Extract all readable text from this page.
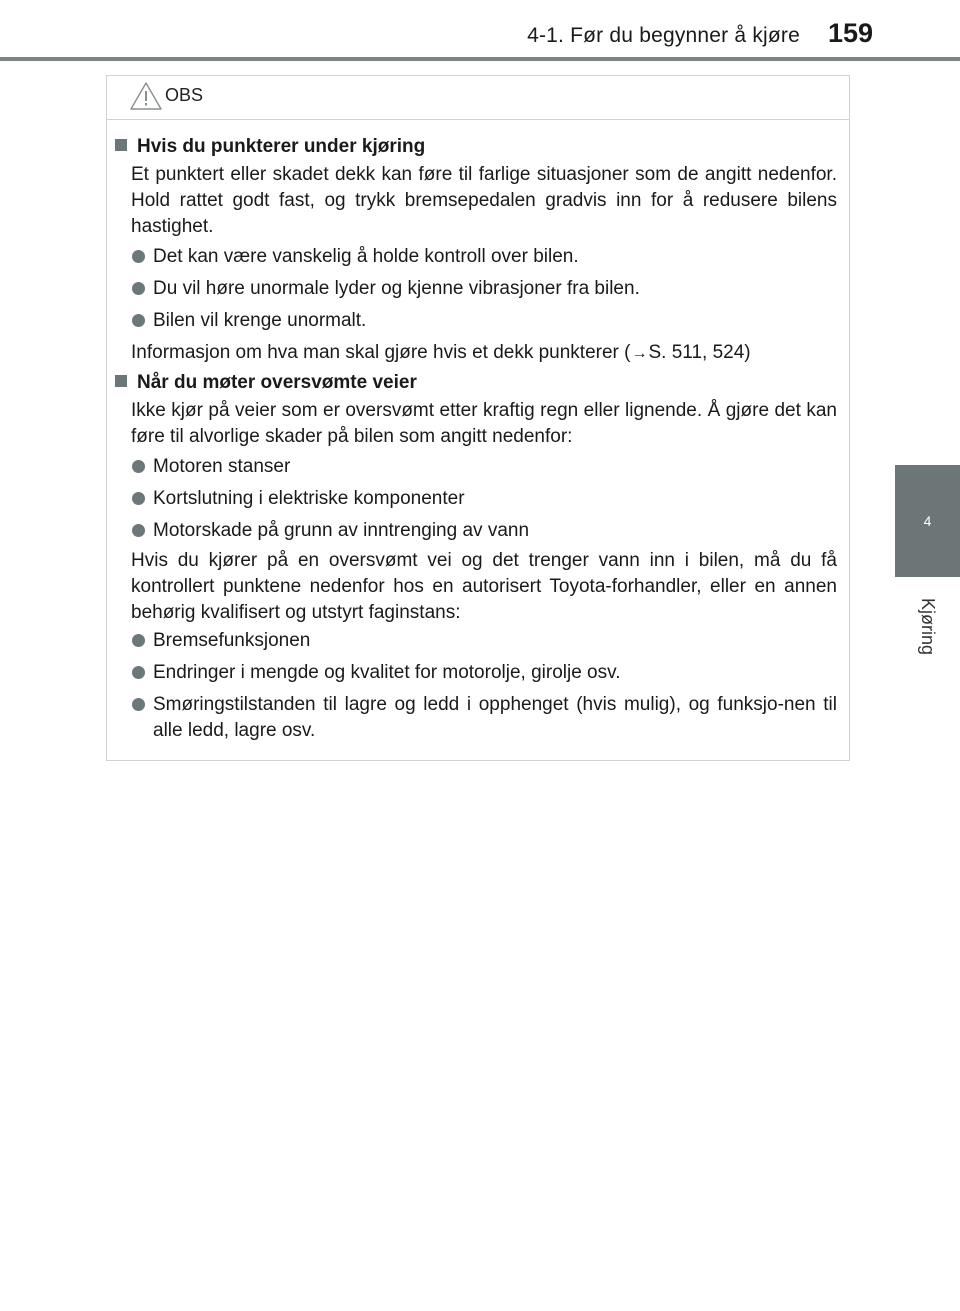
4-1. Før du begynner å kjøre 159
4
Kjøring
OBS
Hvis du punkterer under kjøring
Et punktert eller skadet dekk kan føre til farlige situasjoner som de angitt nedenfor. Hold rattet godt fast, og trykk bremsepedalen gradvis inn for å redusere bilens hastighet.
Det kan være vanskelig å holde kontroll over bilen.
Du vil høre unormale lyder og kjenne vibrasjoner fra bilen.
Bilen vil krenge unormalt.
Informasjon om hva man skal gjøre hvis et dekk punkterer (→S. 511, 524)
Når du møter oversvømte veier
Ikke kjør på veier som er oversvømt etter kraftig regn eller lignende. Å gjøre det kan føre til alvorlige skader på bilen som angitt nedenfor:
Motoren stanser
Kortslutning i elektriske komponenter
Motorskade på grunn av inntrenging av vann
Hvis du kjører på en oversvømt vei og det trenger vann inn i bilen, må du få kontrollert punktene nedenfor hos en autorisert Toyota-forhandler, eller en annen behørig kvalifisert og utstyrt faginstans:
Bremsefunksjonen
Endringer i mengde og kvalitet for motorolje, girolje osv.
Smøringstilstanden til lagre og ledd i opphenget (hvis mulig), og funksjo-nen til alle ledd, lagre osv.
